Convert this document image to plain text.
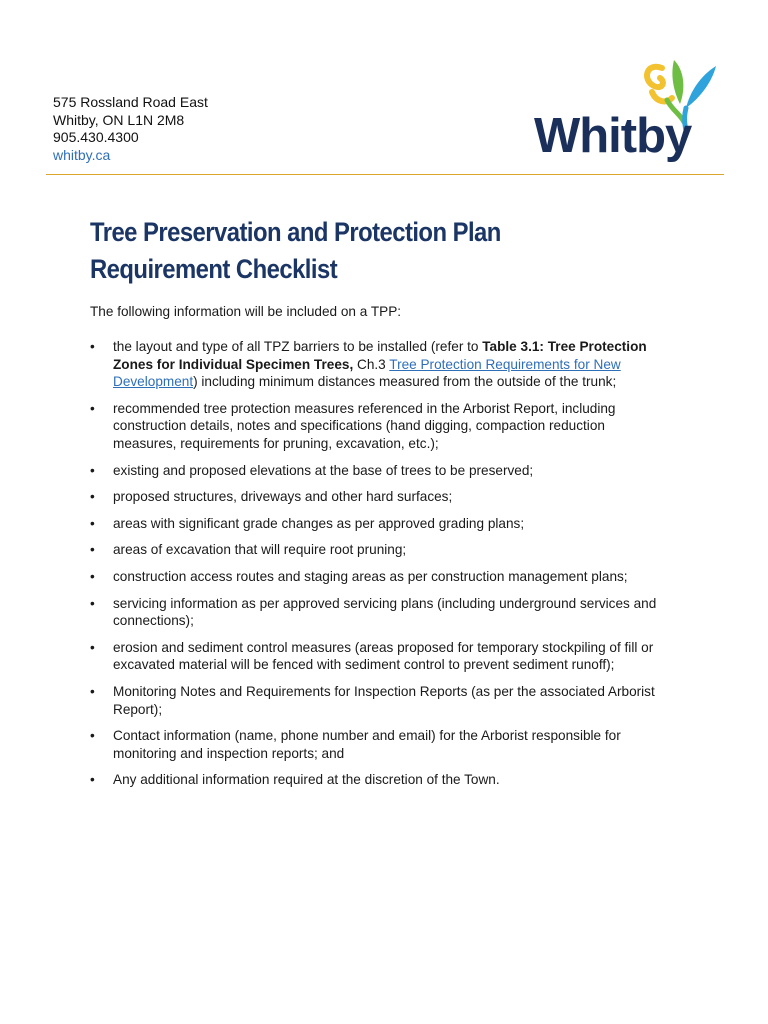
575 Rossland Road East
Whitby, ON L1N 2M8
905.430.4300
whitby.ca	Whitby
Tree Preservation and Protection Plan
Requirement Checklist
The following information will be included on a TPP:
• the layout and type of all TPZ barriers to be installed (refer to Table 3.1: Tree Protection Zones for Individual Specimen Trees, Ch.3 Tree Protection Requirements for New Development) including minimum distances measured from the outside of the trunk;
• recommended tree protection measures referenced in the Arborist Report, including construction details, notes and specifications (hand digging, compaction reduction measures, requirements for pruning, excavation, etc.);
• existing and proposed elevations at the base of trees to be preserved;
• proposed structures, driveways and other hard surfaces;
• areas with significant grade changes as per approved grading plans;
• areas of excavation that will require root pruning;
• construction access routes and staging areas as per construction management plans;
• servicing information as per approved servicing plans (including underground services and connections);
• erosion and sediment control measures (areas proposed for temporary stockpiling of fill or excavated material will be fenced with sediment control to prevent sediment runoff);
• Monitoring Notes and Requirements for Inspection Reports (as per the associated Arborist Report);
• Contact information (name, phone number and email) for the Arborist responsible for monitoring and inspection reports; and
• Any additional information required at the discretion of the Town.
